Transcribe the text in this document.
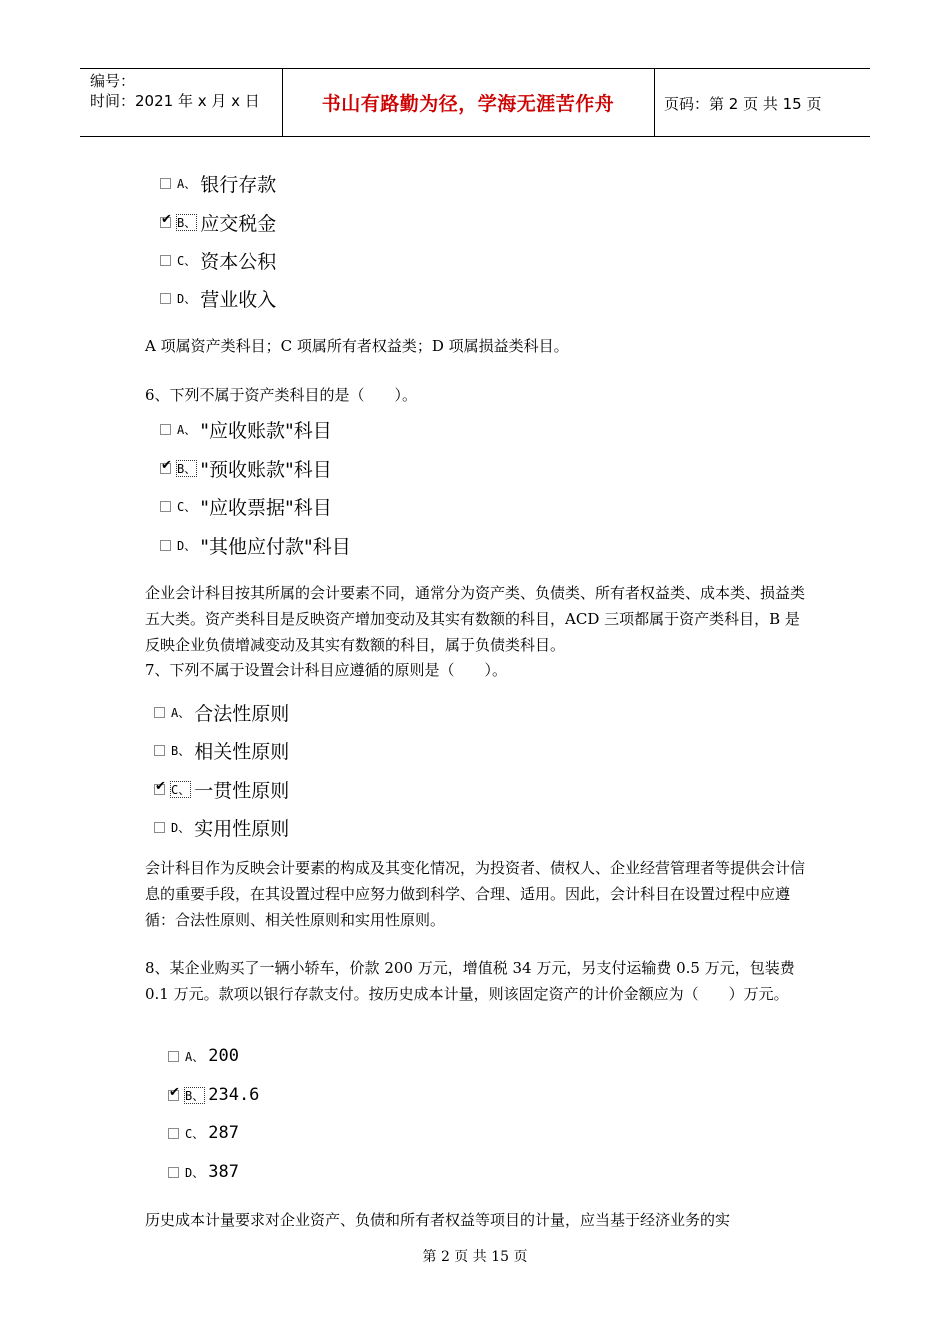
编号：
时间：2021 年 x 月 x 日	书山有路勤为径，学海无涯苦作舟	页码：第 2 页 共 15 页
A、 银行存款
✔ B、 应交税金
C、 资本公积
D、 营业收入
A 项属资产类科目；C 项属所有者权益类；D 项属损益类科目。
6、下列不属于资产类科目的是（　　）。
A、 "应收账款"科目
✔ B、 "预收账款"科目
C、 "应收票据"科目
D、 "其他应付款"科目
企业会计科目按其所属的会计要素不同，通常分为资产类、负债类、所有者权益类、成本类、损益类五大类。资产类科目是反映资产增加变动及其实有数额的科目，ACD 三项都属于资产类科目，B 是反映企业负债增减变动及其实有数额的科目，属于负债类科目。
7、下列不属于设置会计科目应遵循的原则是（　　）。
A、 合法性原则
B、 相关性原则
✔ C、 一贯性原则
D、 实用性原则
会计科目作为反映会计要素的构成及其变化情况，为投资者、债权人、企业经营管理者等提供会计信息的重要手段，在其设置过程中应努力做到科学、合理、适用。因此，会计科目在设置过程中应遵循：合法性原则、相关性原则和实用性原则。
8、某企业购买了一辆小轿车，价款 200 万元，增值税 34 万元，另支付运输费 0.5 万元，包装费 0.1 万元。款项以银行存款支付。按历史成本计量，则该固定资产的计价金额应为（　　）万元。
A、 200
✔ B、 234.6
C、 287
D、 387
历史成本计量要求对企业资产、负债和所有者权益等项目的计量，应当基于经济业务的实
第 2 页 共 15 页
